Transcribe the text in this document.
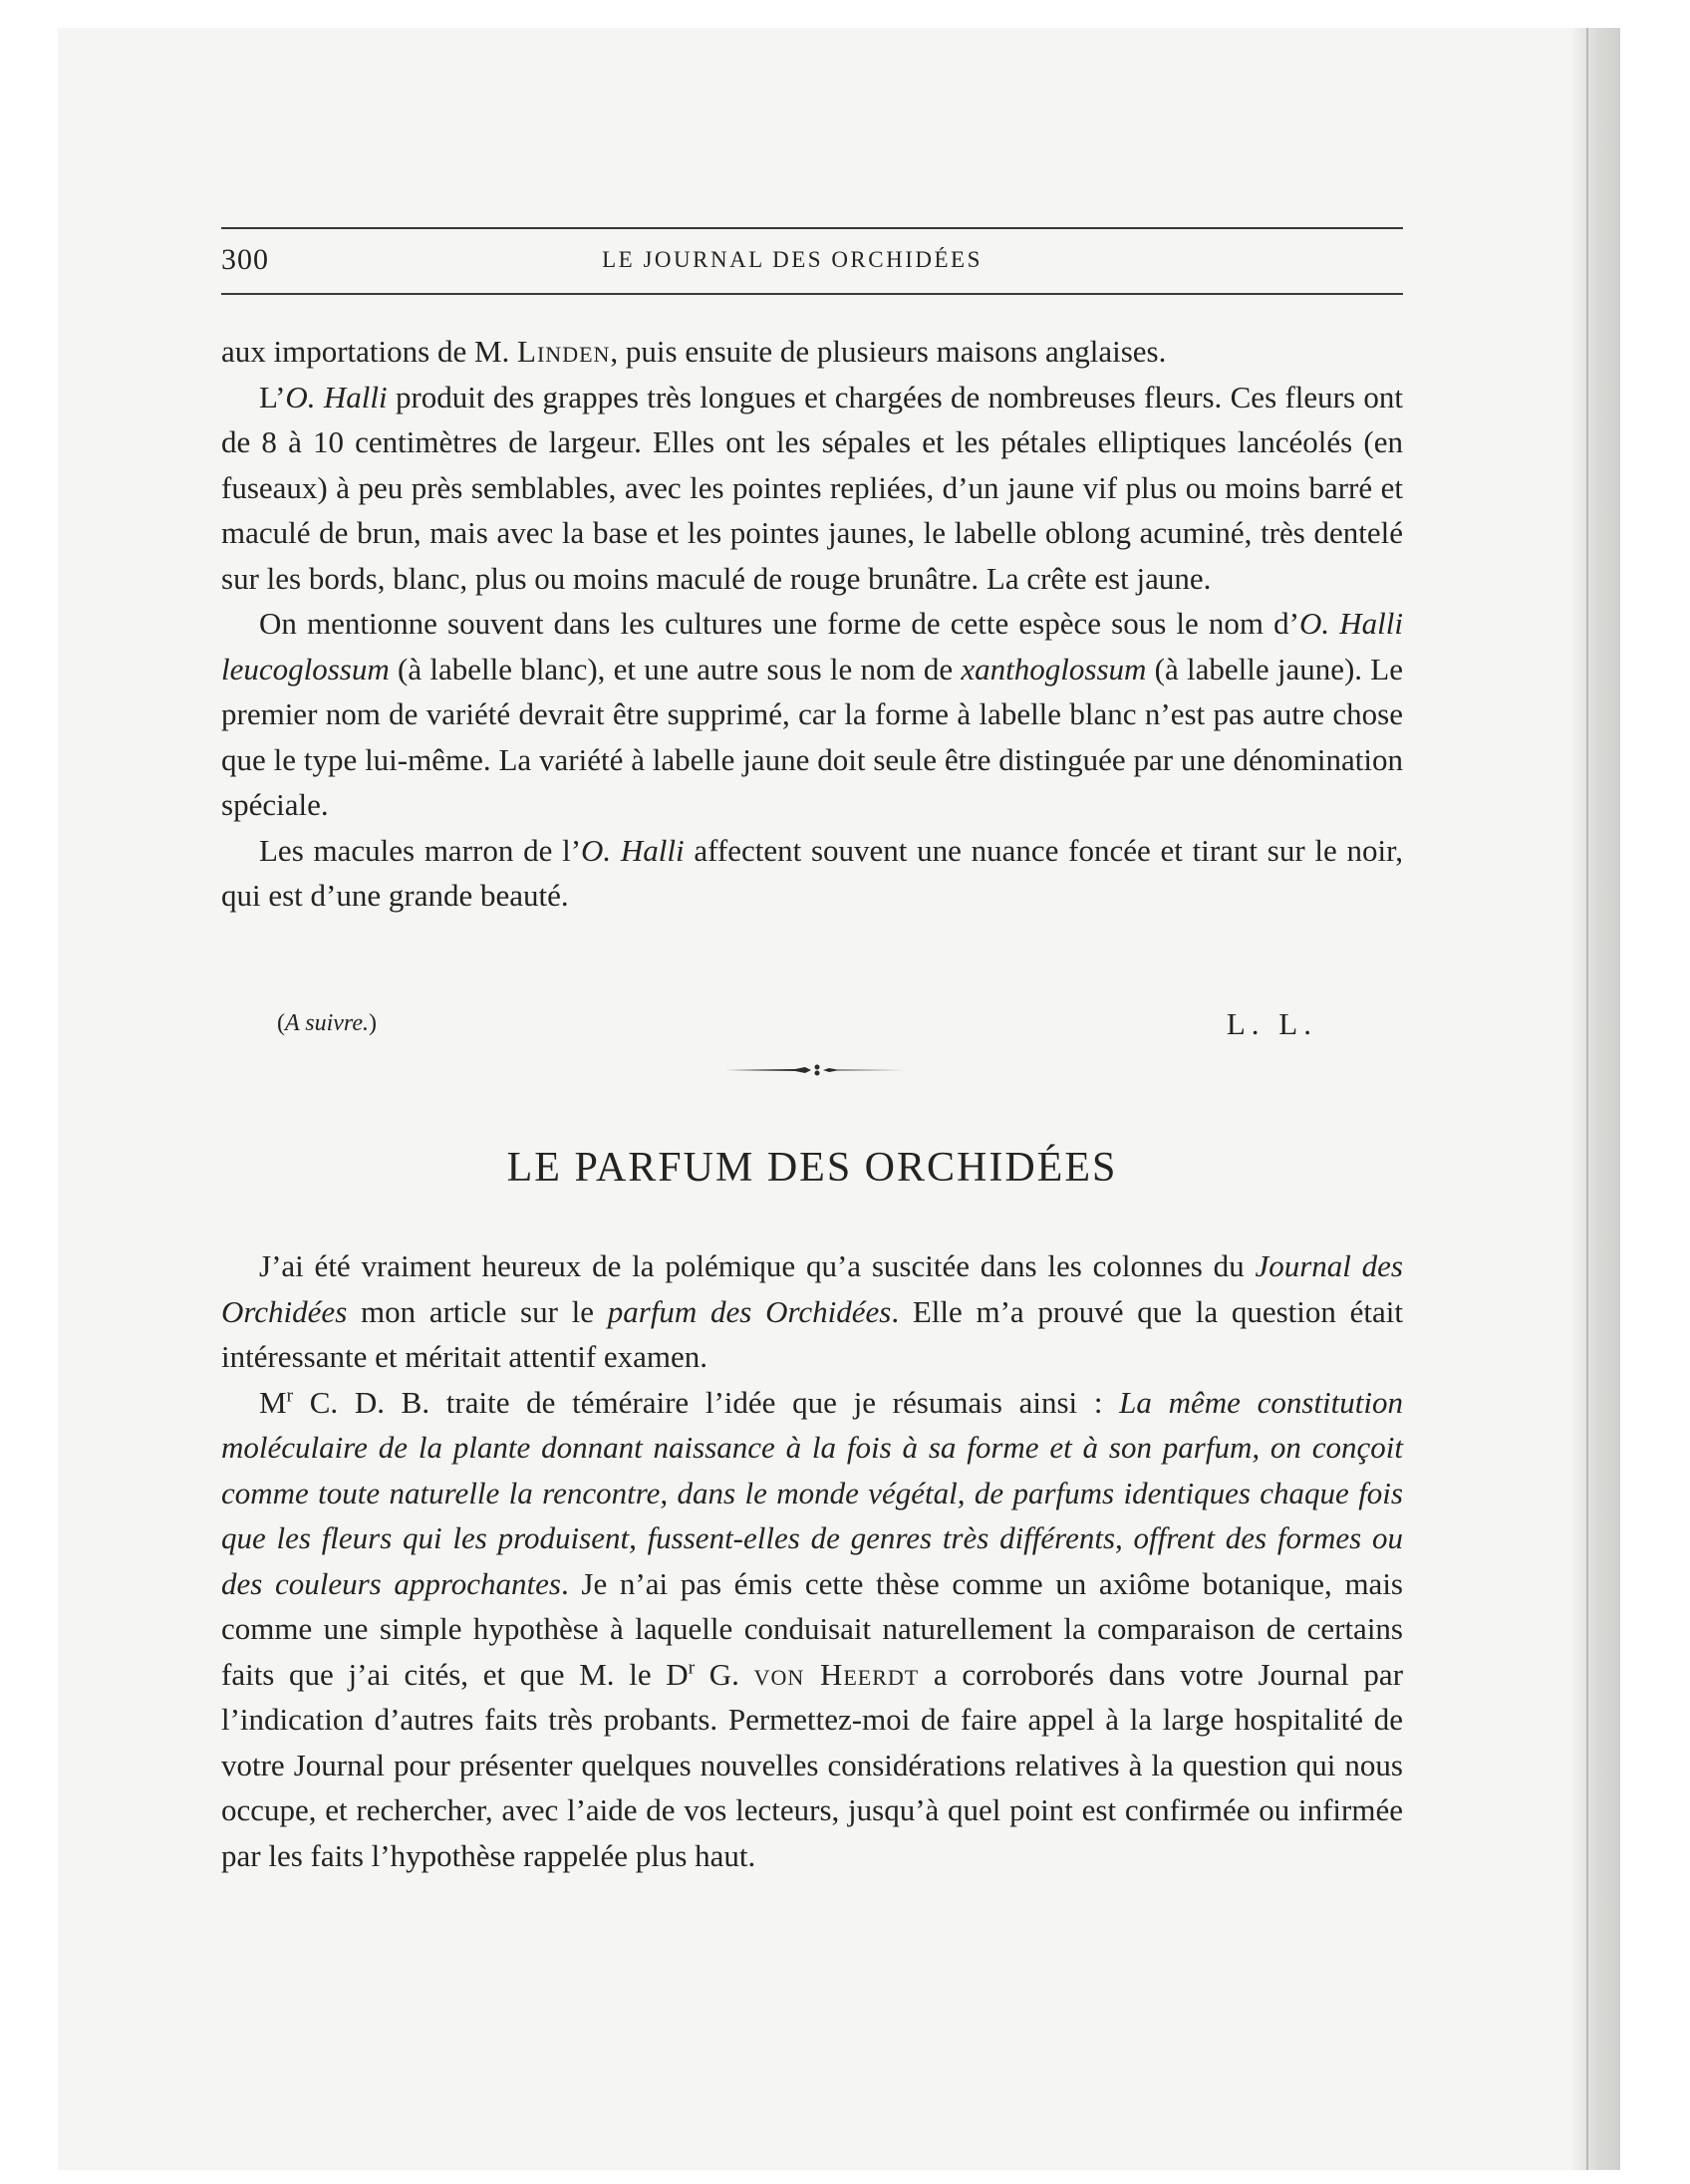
300	LE JOURNAL DES ORCHIDÉES

aux importations de M. Linden, puis ensuite de plusieurs maisons anglaises.

L’O. Halli produit des grappes très longues et chargées de nombreuses fleurs. Ces fleurs ont de 8 à 10 centimètres de largeur. Elles ont les sépales et les pétales elliptiques lancéolés (en fuseaux) à peu près semblables, avec les pointes repliées, d’un jaune vif plus ou moins barré et maculé de brun, mais avec la base et les pointes jaunes, le labelle oblong acuminé, très dentelé sur les bords, blanc, plus ou moins maculé de rouge brunâtre. La crête est jaune.

On mentionne souvent dans les cultures une forme de cette espèce sous le nom d’O. Halli leucoglossum (à labelle blanc), et une autre sous le nom de xanthoglossum (à labelle jaune). Le premier nom de variété devrait être supprimé, car la forme à labelle blanc n’est pas autre chose que le type lui-même. La variété à labelle jaune doit seule être distinguée par une dénomination spéciale.

Les macules marron de l’O. Halli affectent souvent une nuance foncée et tirant sur le noir, qui est d’une grande beauté.

(A suivre.)	L. L.
LE PARFUM DES ORCHIDÉES

J’ai été vraiment heureux de la polémique qu’a suscitée dans les colonnes du Journal des Orchidées mon article sur le parfum des Orchidées. Elle m’a prouvé que la question était intéressante et méritait attentif examen.

$M^r$ C. D. B. traite de téméraire l’idée que je résumais ainsi : La même constitution moléculaire de la plante donnant naissance à la fois à sa forme et à son parfum, on conçoit comme toute naturelle la rencontre, dans le monde végétal, de parfums identiques chaque fois que les fleurs qui les produisent, fussent-elles de genres très différents, offrent des formes ou des couleurs approchantes. Je n’ai pas émis cette thèse comme un axiôme botanique, mais comme une simple hypothèse à laquelle conduisait naturellement la comparaison de certains faits que j’ai cités, et que M. le $D^r$ G. von Heerdt a corroborés dans votre Journal par l’indication d’autres faits très probants. Permettez-moi de faire appel à la large hospitalité de votre Journal pour présenter quelques nouvelles considérations relatives à la question qui nous occupe, et rechercher, avec l’aide de vos lecteurs, jusqu’à quel point est confirmée ou infirmée par les faits l’hypothèse rappelée plus haut.
